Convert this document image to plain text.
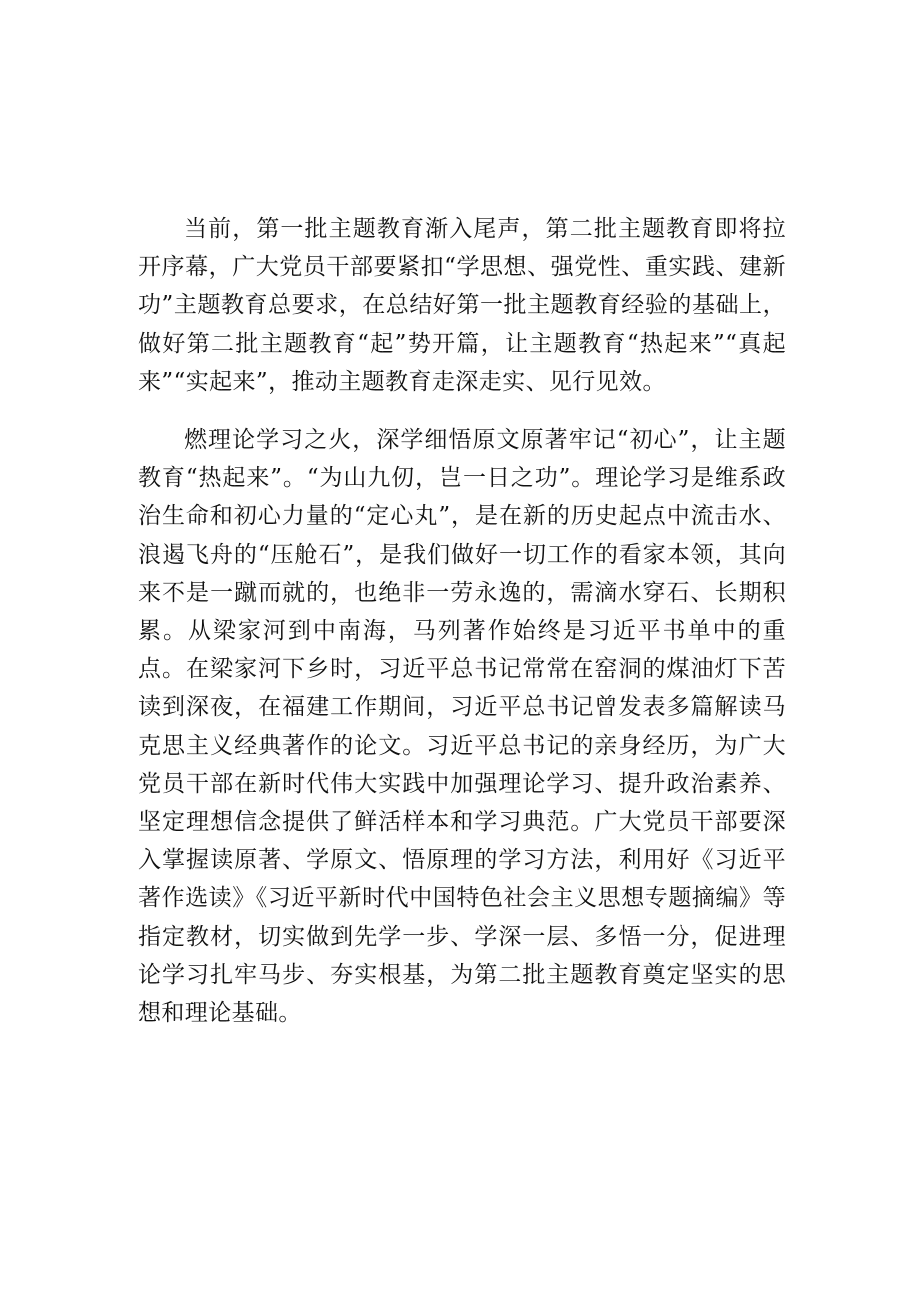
当前，第一批主题教育渐入尾声，第二批主题教育即将拉开序幕，广大党员干部要紧扣“学思想、强党性、重实践、建新功”主题教育总要求，在总结好第一批主题教育经验的基础上，做好第二批主题教育“起”势开篇，让主题教育“热起来”“真起来”“实起来”，推动主题教育走深走实、见行见效。

燃理论学习之火，深学细悟原文原著牢记“初心”，让主题教育“热起来”。“为山九仞，岂一日之功”。理论学习是维系政治生命和初心力量的“定心丸”，是在新的历史起点中流击水、浪遏飞舟的“压舱石”，是我们做好一切工作的看家本领，其向来不是一蹴而就的，也绝非一劳永逸的，需滴水穿石、长期积累。从梁家河到中南海，马列著作始终是习近平书单中的重点。在梁家河下乡时，习近平总书记常常在窑洞的煤油灯下苦读到深夜，在福建工作期间，习近平总书记曾发表多篇解读马克思主义经典著作的论文。习近平总书记的亲身经历，为广大党员干部在新时代伟大实践中加强理论学习、提升政治素养、坚定理想信念提供了鲜活样本和学习典范。广大党员干部要深入掌握读原著、学原文、悟原理的学习方法，利用好《习近平著作选读》《习近平新时代中国特色社会主义思想专题摘编》等指定教材，切实做到先学一步、学深一层、多悟一分，促进理论学习扎牢马步、夯实根基，为第二批主题教育奠定坚实的思想和理论基础。
